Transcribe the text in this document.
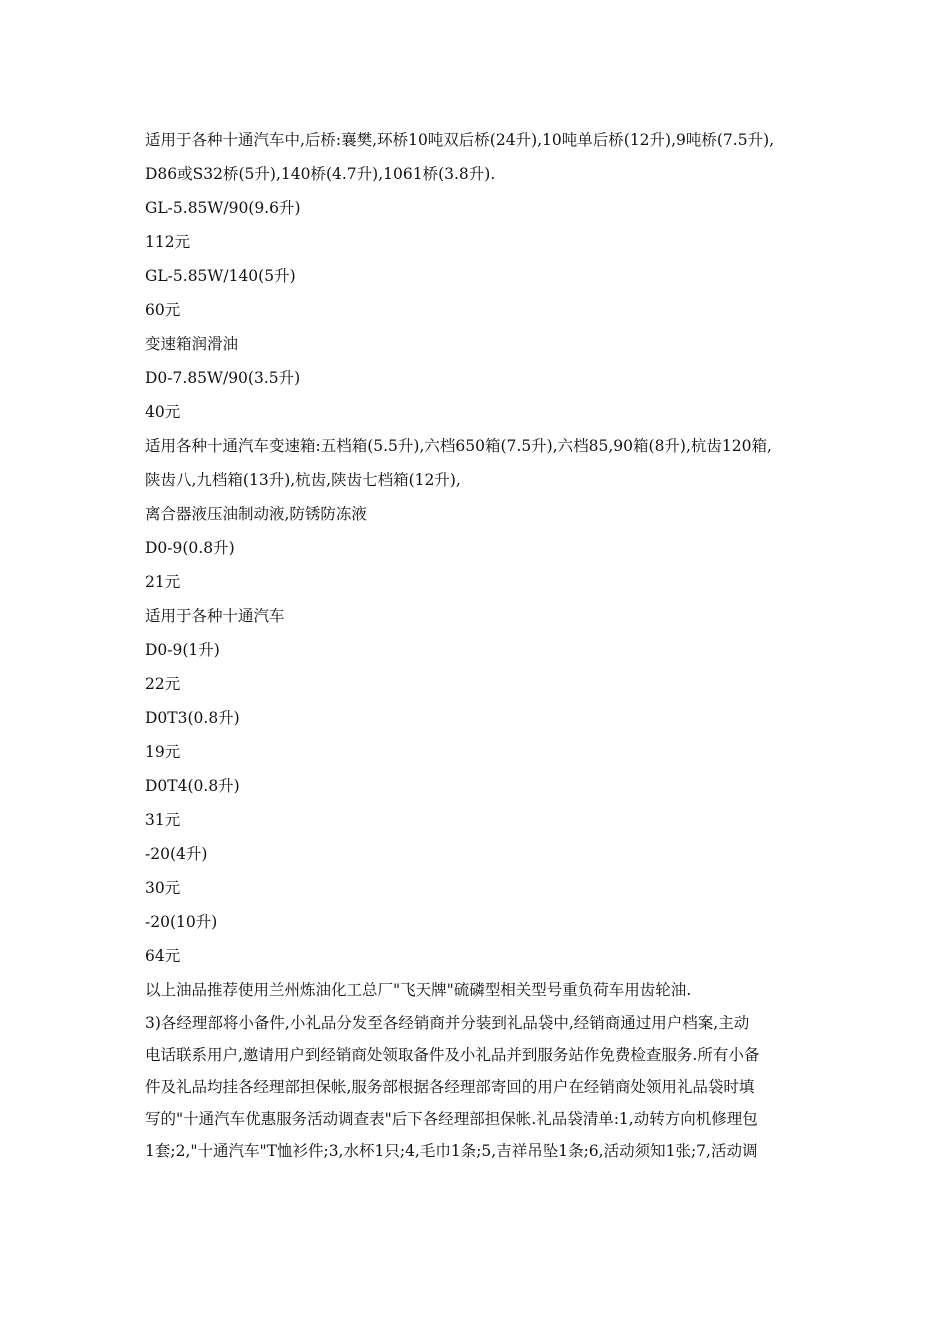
适用于各种十通汽车中,后桥:襄樊,环桥10吨双后桥(24升),10吨单后桥(12升),9吨桥(7.5升),
D86或S32桥(5升),140桥(4.7升),1061桥(3.8升).
GL-5.85W/90(9.6升)
112元
GL-5.85W/140(5升)
60元
变速箱润滑油
D0-7.85W/90(3.5升)
40元
适用各种十通汽车变速箱:五档箱(5.5升),六档650箱(7.5升),六档85,90箱(8升),杭齿120箱,
陕齿八,九档箱(13升),杭齿,陕齿七档箱(12升),
离合器液压油制动液,防锈防冻液
D0-9(0.8升)
21元
适用于各种十通汽车
D0-9(1升)
22元
D0T3(0.8升)
19元
D0T4(0.8升)
31元
-20(4升)
30元
-20(10升)
64元
以上油品推荐使用兰州炼油化工总厂"飞天牌"硫磷型相关型号重负荷车用齿轮油.
3)各经理部将小备件,小礼品分发至各经销商并分装到礼品袋中,经销商通过用户档案,主动
电话联系用户,邀请用户到经销商处领取备件及小礼品并到服务站作免费检查服务.所有小备
件及礼品均挂各经理部担保帐,服务部根据各经理部寄回的用户在经销商处领用礼品袋时填
写的"十通汽车优惠服务活动调查表"后下各经理部担保帐.礼品袋清单:1,动转方向机修理包
1套;2,"十通汽车"T恤衫件;3,水杯1只;4,毛巾1条;5,吉祥吊坠1条;6,活动须知1张;7,活动调
